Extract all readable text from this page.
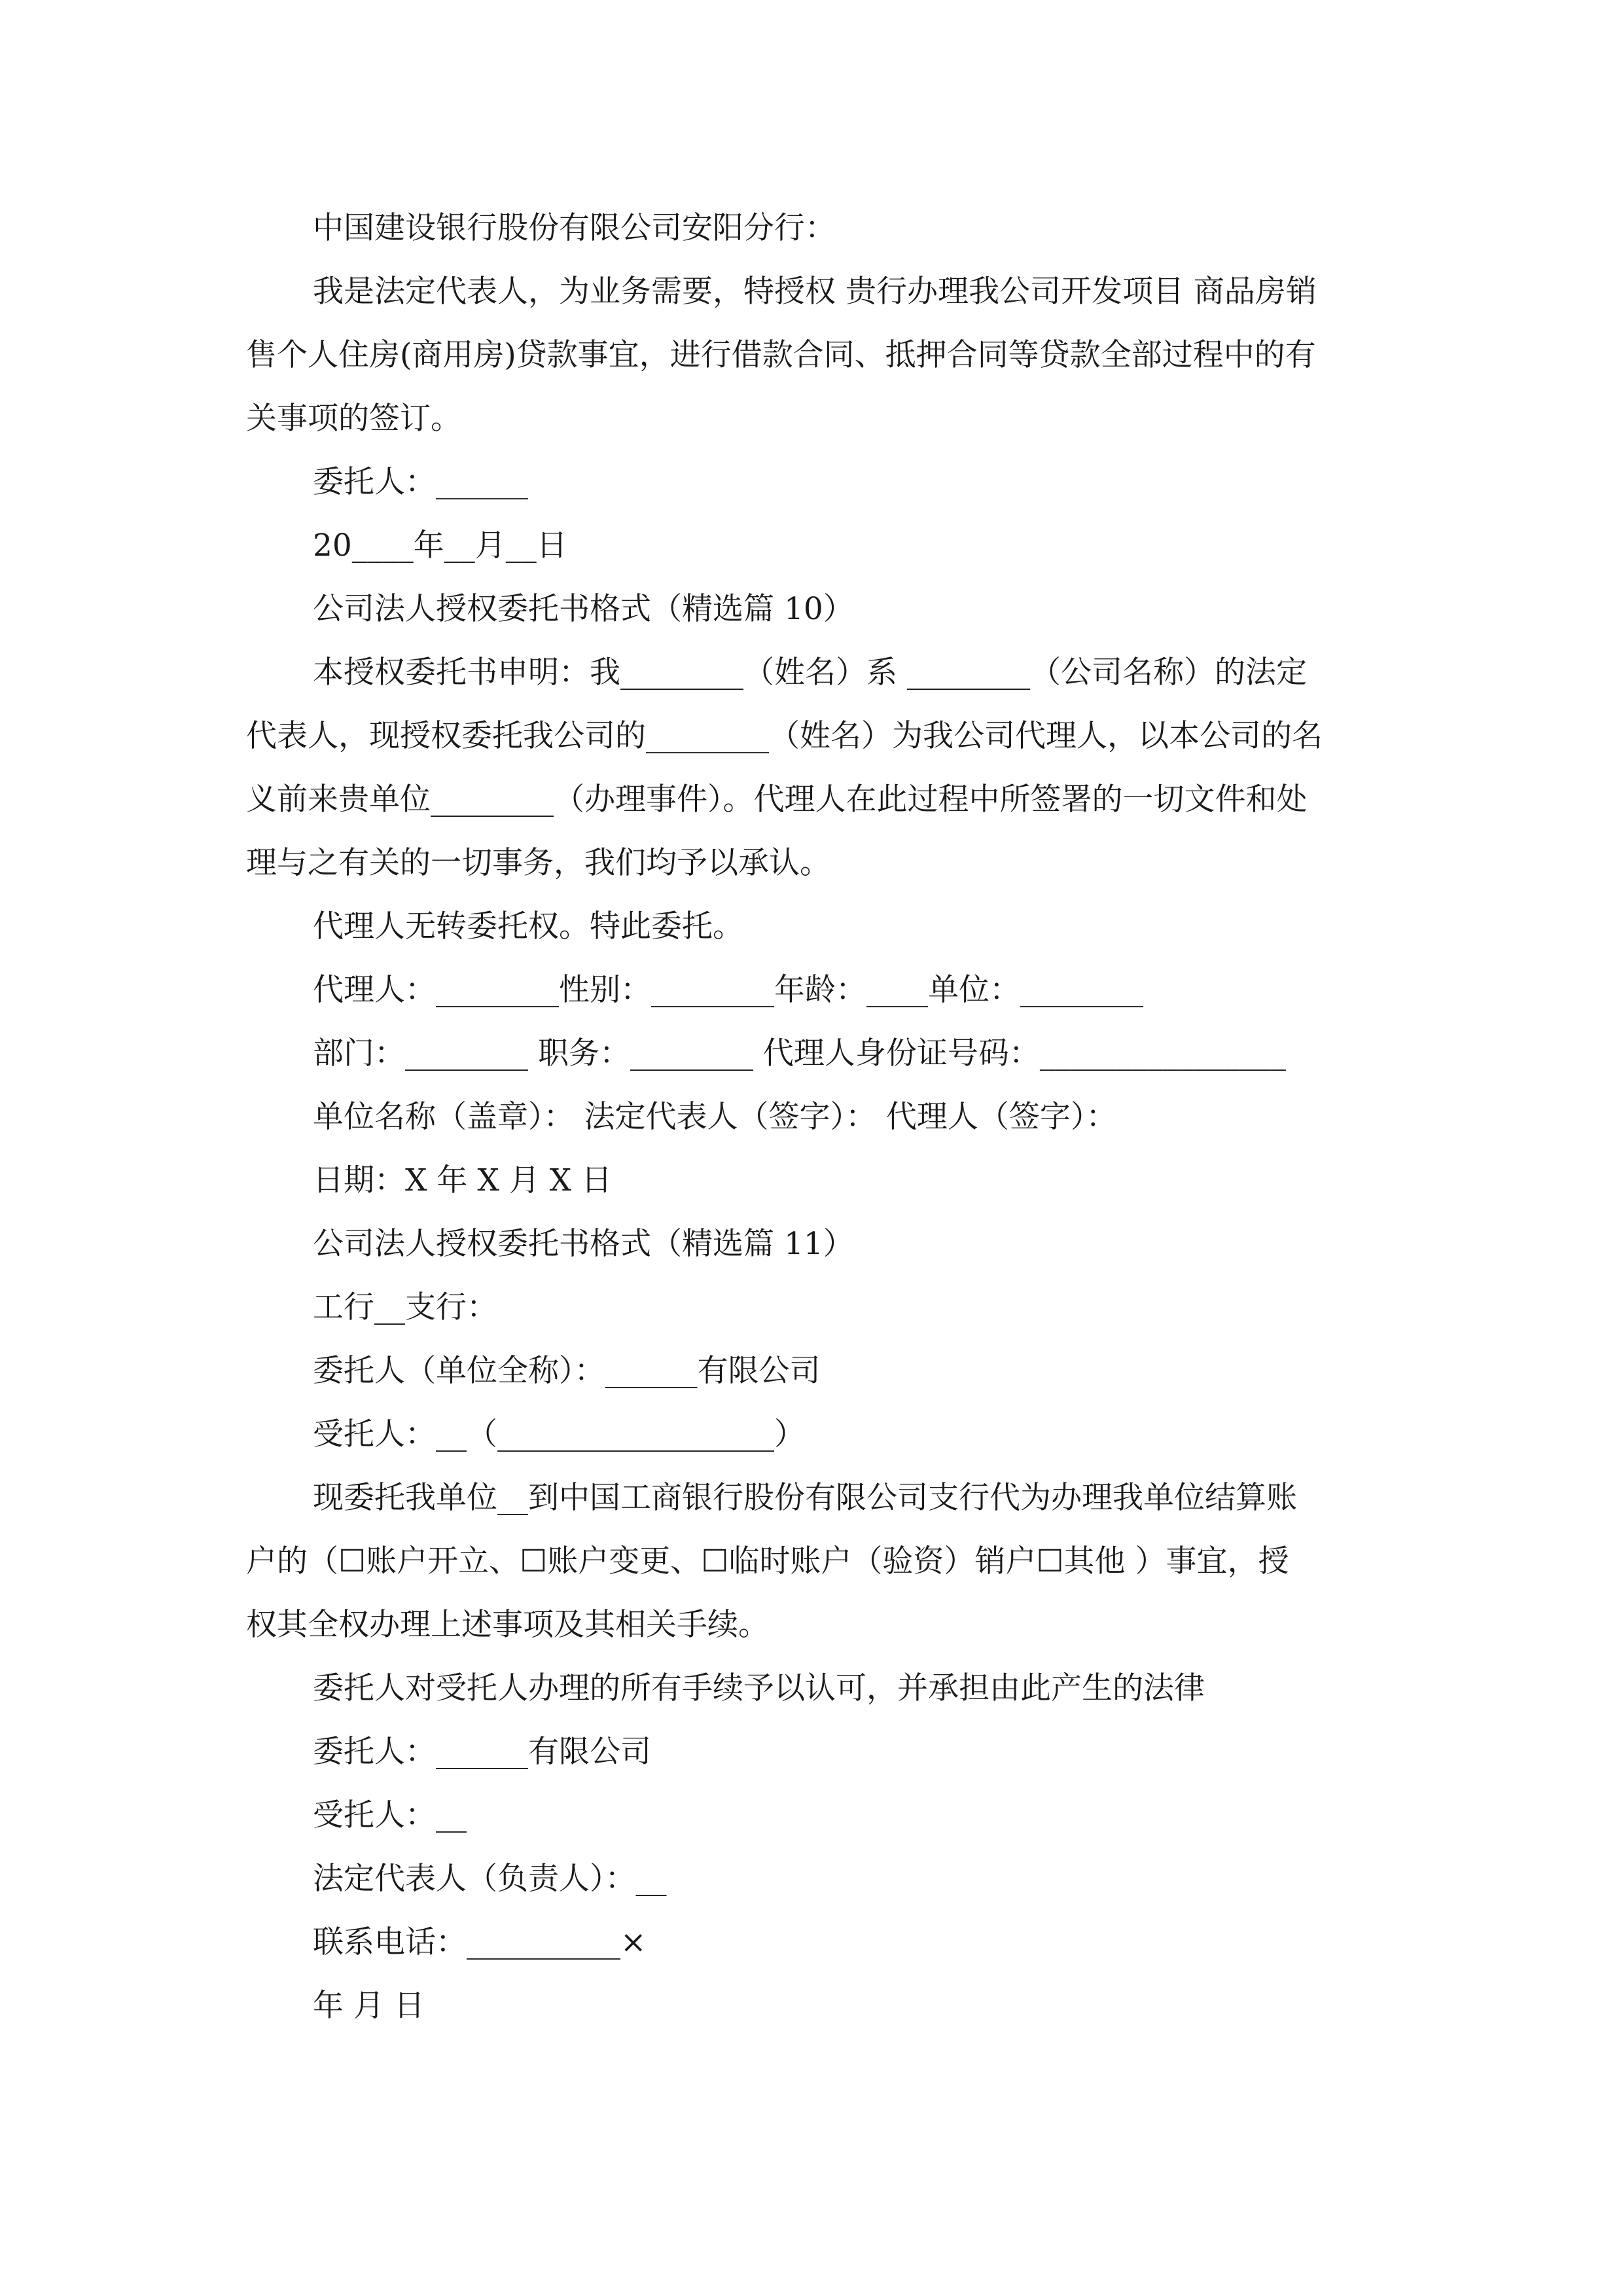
中国建设银行股份有限公司安阳分行：
我是法定代表人，为业务需要，特授权 贵行办理我公司开发项目 商品房销
售个人住房(商用房)贷款事宜，进行借款合同、抵押合同等贷款全部过程中的有
关事项的签订。
委托人：______
20____年__月__日
公司法人授权委托书格式（精选篇 10）
本授权委托书申明：我________（姓名）系 ________（公司名称）的法定
代表人，现授权委托我公司的________（姓名）为我公司代理人，以本公司的名
义前来贵单位________（办理事件）。代理人在此过程中所签署的一切文件和处
理与之有关的一切事务，我们均予以承认。
代理人无转委托权。特此委托。
代理人：________性别：________年龄：____单位：________
部门：________ 职务：________ 代理人身份证号码：________________
单位名称（盖章）： 法定代表人（签字）： 代理人（签字）：
日期：X 年 X 月 X 日
公司法人授权委托书格式（精选篇 11）
工行__支行：
委托人（单位全称）：______有限公司
受托人：__（__________________）
现委托我单位__到中国工商银行股份有限公司支行代为办理我单位结算账
户的（☐账户开立、☐账户变更、☐临时账户（验资）销户☐其他 ）事宜，授
权其全权办理上述事项及其相关手续。
委托人对受托人办理的所有手续予以认可，并承担由此产生的法律
委托人：______有限公司
受托人：__
法定代表人（负责人）：__
联系电话：__________×
年 月 日
